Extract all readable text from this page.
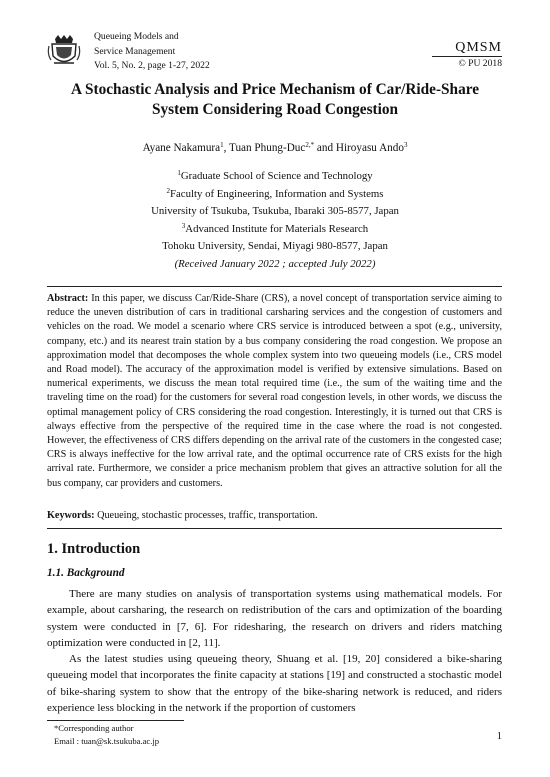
Queueing Models and
Service Management
Vol. 5, No. 2, page 1-27, 2022
QMSM
© PU 2018
A Stochastic Analysis and Price Mechanism of Car/Ride-Share
System Considering Road Congestion
Ayane Nakamura$^1$, Tuan Phung-Duc$^{2,*}$ and Hiroyasu Ando$^3$
$^1$Graduate School of Science and Technology
$^2$Faculty of Engineering, Information and Systems
University of Tsukuba, Tsukuba, Ibaraki 305-8577, Japan
$^3$Advanced Institute for Materials Research
Tohoku University, Sendai, Miyagi 980-8577, Japan
(Received January 2022 ; accepted July 2022)
Abstract: In this paper, we discuss Car/Ride-Share (CRS), a novel concept of transportation service aiming to reduce the uneven distribution of cars in traditional carsharing services and the congestion of customers and vehicles on the road. We model a scenario where CRS service is introduced between a spot (e.g., university, company, etc.) and its nearest train station by a bus company considering the road congestion. We propose an approximation model that decomposes the whole complex system into two queueing models (i.e., CRS model and Road model). The accuracy of the approximation model is verified by extensive simulations. Based on numerical experiments, we discuss the mean total required time (i.e., the sum of the waiting time and the traveling time on the road) for the customers for several road congestion levels, in other words, we discuss the optimal management policy of CRS considering the road congestion. Interestingly, it is turned out that CRS is always effective from the perspective of the required time in the case where the road is not congested. However, the effectiveness of CRS differs depending on the arrival rate of the customers in the congested case; CRS is always ineffective for the low arrival rate, and the optimal occurrence rate of CRS exists for the high arrival rate. Furthermore, we consider a price mechanism problem that gives an attractive solution for all the bus company, car providers and customers.
Keywords: Queueing, stochastic processes, traffic, transportation.
1. Introduction
1.1. Background

There are many studies on analysis of transportation systems using mathematical models. For example, about carsharing, the research on redistribution of the cars and optimization of the boarding system were conducted in [7, 6]. For ridesharing, the research on drivers and riders matching optimization were conducted in [2, 11].

As the latest studies using queueing theory, Shuang et al. [19, 20] considered a bike-sharing queueing model that incorporates the finite capacity at stations [19] and constructed a stochastic model of bike-sharing system to show that the entropy of the bike-sharing network is reduced, and riders experience less blocking in the network if the proportion of customers

*Corresponding author
Email : tuan@sk.tsukuba.ac.jp	1
